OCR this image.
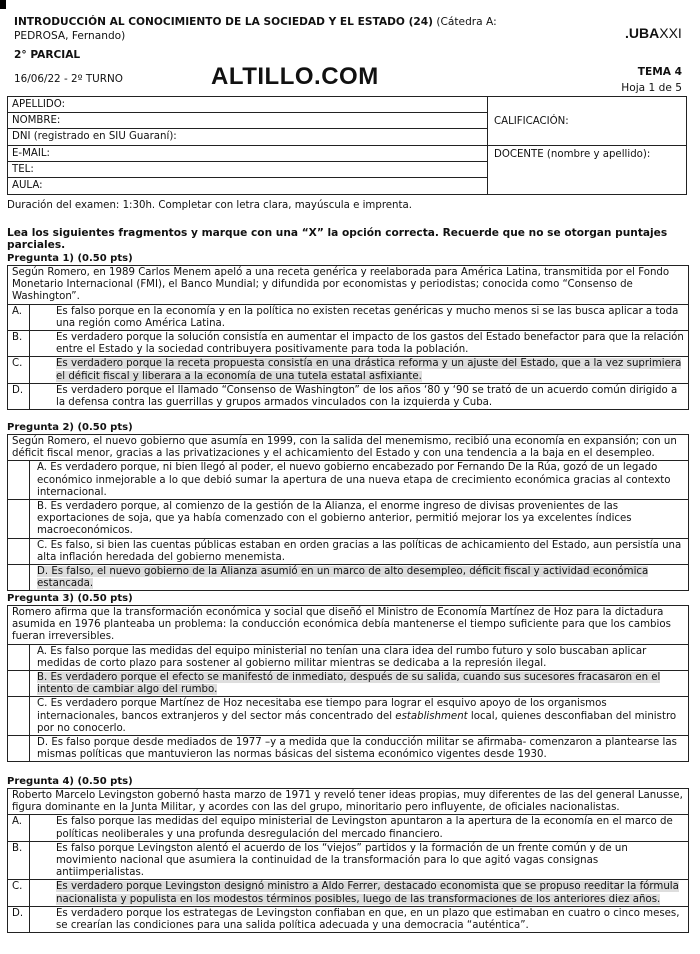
INTRODUCCIÓN AL CONOCIMIENTO DE LA SOCIEDAD Y EL ESTADO (24) (Cátedra A: PEDROSA, Fernando)
2° PARCIAL
16/06/22 - 2º TURNO	ALTILLO.COM
.UBAXXI
TEMA 4
Hoja 1 de 5
APELLIDO:
NOMBRE:
DNI (registrado en SIU Guaraní):
E-MAIL:
TEL:
AULA:
CALIFICACIÓN:
DOCENTE (nombre y apellido):
Duración del examen: 1:30h. Completar con letra clara, mayúscula e imprenta.
Lea los siguientes fragmentos y marque con una “X” la opción correcta. Recuerde que no se otorgan puntajes parciales.
Pregunta 1) (0.50 pts)
Según Romero, en 1989 Carlos Menem apeló a una receta genérica y reelaborada para América Latina, transmitida por el Fondo Monetario Internacional (FMI), el Banco Mundial; y difundida por economistas y periodistas; conocida como “Consenso de Washington”.
A.	Es falso porque en la economía y en la política no existen recetas genéricas y mucho menos si se las busca aplicar a toda una región como América Latina.
B.	Es verdadero porque la solución consistía en aumentar el impacto de los gastos del Estado benefactor para que la relación entre el Estado y la sociedad contribuyera positivamente para toda la población.
C.	Es verdadero porque la receta propuesta consistía en una drástica reforma y un ajuste del Estado, que a la vez suprimiera el déficit fiscal y liberara a la economía de una tutela estatal asfixiante.
D.	Es verdadero porque el llamado “Consenso de Washington” de los años ‘80 y ‘90 se trató de un acuerdo común dirigido a la defensa contra las guerrillas y grupos armados vinculados con la izquierda y Cuba.
Pregunta 2) (0.50 pts)
Según Romero, el nuevo gobierno que asumía en 1999, con la salida del menemismo, recibió una economía en expansión; con un déficit fiscal menor, gracias a las privatizaciones y el achicamiento del Estado y con una tendencia a la baja en el desempleo.
A. Es verdadero porque, ni bien llegó al poder, el nuevo gobierno encabezado por Fernando De la Rúa, gozó de un legado económico inmejorable a lo que debió sumar la apertura de una nueva etapa de crecimiento económica gracias al contexto internacional.
B. Es verdadero porque, al comienzo de la gestión de la Alianza, el enorme ingreso de divisas provenientes de las exportaciones de soja, que ya había comenzado con el gobierno anterior, permitió mejorar los ya excelentes índices macroeconómicos.
C. Es falso, si bien las cuentas públicas estaban en orden gracias a las políticas de achicamiento del Estado, aun persistía una alta inflación heredada del gobierno menemista.
D. Es falso, el nuevo gobierno de la Alianza asumió en un marco de alto desempleo, déficit fiscal y actividad económica estancada.
Pregunta 3) (0.50 pts)
Romero afirma que la transformación económica y social que diseñó el Ministro de Economía Martínez de Hoz para la dictadura asumida en 1976 planteaba un problema: la conducción económica debía mantenerse el tiempo suficiente para que los cambios fueran irreversibles.
A. Es falso porque las medidas del equipo ministerial no tenían una clara idea del rumbo futuro y solo buscaban aplicar medidas de corto plazo para sostener al gobierno militar mientras se dedicaba a la represión ilegal.
B. Es verdadero porque el efecto se manifestó de inmediato, después de su salida, cuando sus sucesores fracasaron en el intento de cambiar algo del rumbo.
C. Es verdadero porque Martínez de Hoz necesitaba ese tiempo para lograr el esquivo apoyo de los organismos internacionales, bancos extranjeros y del sector más concentrado del establishment local, quienes desconfiaban del ministro por no conocerlo.
D. Es falso porque desde mediados de 1977 –y a medida que la conducción militar se afirmaba- comenzaron a plantearse las mismas políticas que mantuvieron las normas básicas del sistema económico vigentes desde 1930.
Pregunta 4) (0.50 pts)
Roberto Marcelo Levingston gobernó hasta marzo de 1971 y reveló tener ideas propias, muy diferentes de las del general Lanusse, figura dominante en la Junta Militar, y acordes con las del grupo, minoritario pero influyente, de oficiales nacionalistas.
A.	Es falso porque las medidas del equipo ministerial de Levingston apuntaron a la apertura de la economía en el marco de políticas neoliberales y una profunda desregulación del mercado financiero.
B.	Es falso porque Levingston alentó el acuerdo de los “viejos” partidos y la formación de un frente común y de un movimiento nacional que asumiera la continuidad de la transformación para lo que agitó vagas consignas antiimperialistas.
C.	Es verdadero porque Levingston designó ministro a Aldo Ferrer, destacado economista que se propuso reeditar la fórmula nacionalista y populista en los modestos términos posibles, luego de las transformaciones de los anteriores diez años.
D.	Es verdadero porque los estrategas de Levingston confiaban en que, en un plazo que estimaban en cuatro o cinco meses, se crearían las condiciones para una salida política adecuada y una democracia “auténtica”.
